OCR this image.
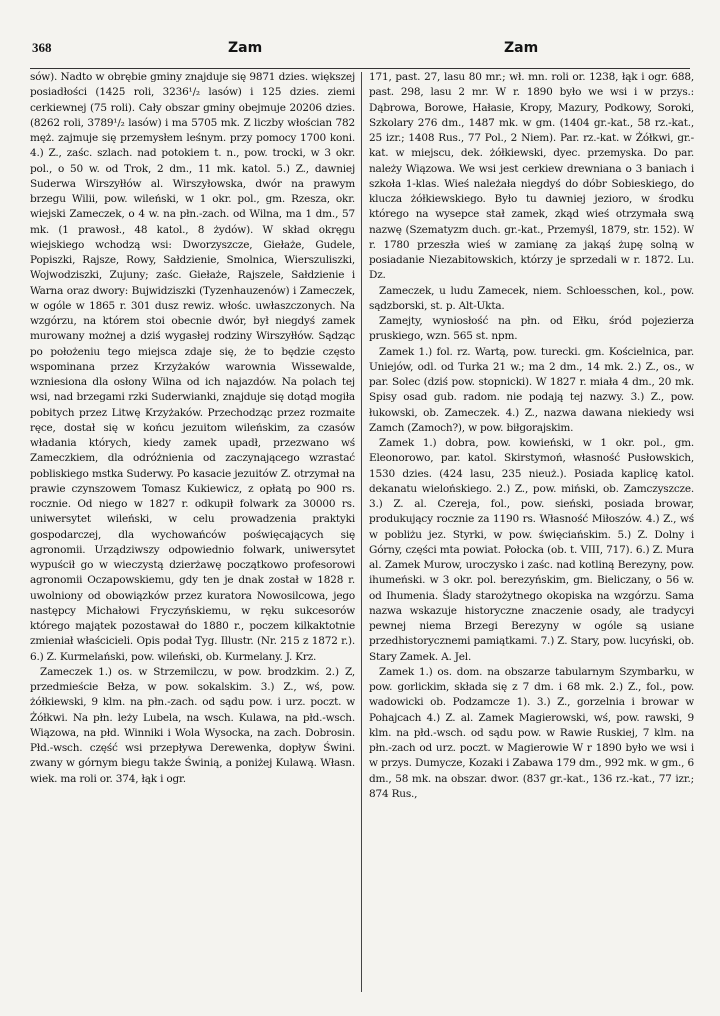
368	Zam	Zam

sów). Nadto w obrębie gminy znajduje się 9871 dzies. większej posiadłości (1425 roli, 3236¹/₂ lasów) i 125 dzies. ziemi cerkiewnej (75 roli). Cały obszar gminy obejmuje 20206 dzies. (8262 roli, 3789¹/₂ lasów) i ma 5705 mk. Z liczby włościan 782 męż. zajmuje się przemysłem leśnym. przy pomocy 1700 koni. 4.) Z., zaśc. szlach. nad potokiem t. n., pow. trocki, w 3 okr. pol., o 50 w. od Trok, 2 dm., 11 mk. katol. 5.) Z., dawniej Suderwa Wirszyłłów al. Wirszyłowska, dwór na prawym brzegu Wilii, pow. wileński, w 1 okr. pol., gm. Rzesza, okr. wiejski Zameczek, o 4 w. na płn.-zach. od Wilna, ma 1 dm., 57 mk. (1 prawosł., 48 katol., 8 żydów). W skład okręgu wiejskiego wchodzą wsi: Dworzyszcze, Giełaże, Gudele, Popiszki, Rajsze, Rowy, Sałdzienie, Smolnica, Wierszuliszki, Wojwodziszki, Zujuny; zaśc. Giełaże, Rajszele, Sałdzienie i Warna oraz dwory: Bujwidziszki (Tyzenhauzenów) i Zameczek, w ogóle w 1865 r. 301 dusz rewiz. włośc. uwłaszczonych. Na wzgórzu, na którem stoi obecnie dwór, był niegdyś zamek murowany możnej a dziś wygasłej rodziny Wirszyłłów. Sądząc po położeniu tego miejsca zdaje się, że to będzie często wspominana przez Krzyżaków warownia Wissewalde, wzniesiona dla osłony Wilna od ich najazdów. Na polach tej wsi, nad brzegami rzki Suderwianki, znajduje się dotąd mogiła pobitych przez Litwę Krzyżaków. Przechodząc przez rozmaite ręce, dostał się w końcu jezuitom wileńskim, za czasów władania których, kiedy zamek upadł, przezwano wś Zameczkiem, dla odróżnienia od zaczynającego wzrastać pobliskiego mstka Suderwy. Po kasacie jezuitów Z. otrzymał na prawie czynszowem Tomasz Kukiewicz, z opłatą po 900 rs. rocznie. Od niego w 1827 r. odkupił folwark za 30000 rs. uniwersytet wileński, w celu prowadzenia praktyki gospodarczej, dla wychowańców poświęcających się agronomii. Urządziwszy odpowiednio folwark, uniwersytet wypuścił go w wieczystą dzierżawę początkowo profesorowi agronomii Oczapowskiemu, gdy ten je dnak został w 1828 r. uwolniony od obowiązków przez kuratora Nowosilcowa, jego następcy Michałowi Fryczyńskiemu, w ręku sukcesorów którego majątek pozostawał do 1880 r., poczem kilkaktotnie zmieniał właścicieli. Opis podał Tyg. Illustr. (Nr. 215 z 1872 r.). 6.) Z. Kurmelański, pow. wileński, ob. Kurmelany. J. Krz.

Zameczek 1.) os. w Strzemilczu, w pow. brodzkim. 2.) Z, przedmieście Bełza, w pow. sokalskim. 3.) Z., wś, pow. żółkiewski, 9 klm. na płn.-zach. od sądu pow. i urz. poczt. w Żółkwi. Na płn. leży Lubela, na wsch. Kulawa, na płd.-wsch. Wiązowa, na płd. Winniki i Wola Wysocka, na zach. Dobrosin. Płd.-wsch. część wsi przepływa Derewenka, dopływ Świni. zwany w górnym biegu także Świnią, a poniżej Kulawą. Własn. wiek. ma roli or. 374, łąk i ogr.

171, past. 27, lasu 80 mr.; wł. mn. roli or. 1238, łąk i ogr. 688, past. 298, lasu 2 mr. W r. 1890 było we wsi i w przys.: Dąbrowa, Borowe, Hałasie, Kropy, Mazury, Podkowy, Soroki, Szkolary 276 dm., 1487 mk. w gm. (1404 gr.-kat., 58 rz.-kat., 25 izr.; 1408 Rus., 77 Pol., 2 Niem). Par. rz.-kat. w Żółkwi, gr.-kat. w miejscu, dek. żółkiewski, dyec. przemyska. Do par. należy Wiązowa. We wsi jest cerkiew drewniana o 3 baniach i szkoła 1-klas. Wieś należała niegdyś do dóbr Sobieskiego, do klucza żółkiewskiego. Było tu dawniej jezioro, w środku którego na wysepce stał zamek, zkąd wieś otrzymała swą nazwę (Szematyzm duch. gr.-kat., Przemyśl, 1879, str. 152). W r. 1780 przeszła wieś w zamianę za jakąś żupę solną w posiadanie Niezabitowskich, którzy je sprzedali w r. 1872. Lu. Dz.

Zameczek, u ludu Zamecek, niem. Schloesschen, kol., pow. sądzborski, st. p. Alt-Ukta.

Zamejty, wyniosłość na płn. od Ełku, śród pojezierza pruskiego, wzn. 565 st. npm.

Zamek 1.) fol. rz. Wartą, pow. turecki. gm. Kościelnica, par. Uniejów, odl. od Turka 21 w.; ma 2 dm., 14 mk. 2.) Z., os., w par. Solec (dziś pow. stopnicki). W 1827 r. miała 4 dm., 20 mk. Spisy osad gub. radom. nie podają tej nazwy. 3.) Z., pow. łukowski, ob. Zameczek. 4.) Z., nazwa dawana niekiedy wsi Zamch (Zamoch?), w pow. biłgorajskim.

Zamek 1.) dobra, pow. kowieński, w 1 okr. pol., gm. Eleonorowo, par. katol. Skirstymoń, własność Pusłowskich, 1530 dzies. (424 lasu, 235 nieuż.). Posiada kaplicę katol. dekanatu wielońskiego. 2.) Z., pow. miński, ob. Zamczyszcze. 3.) Z. al. Czereja, fol., pow. sieński, posiada browar, produkujący rocznie za 1190 rs. Własność Miłoszów. 4.) Z., wś w pobliżu jez. Styrki, w pow. święciańskim. 5.) Z. Dolny i Górny, części mta powiat. Połocka (ob. t. VIII, 717). 6.) Z. Mura al. Zamek Murow, uroczysko i zaśc. nad kotliną Berezyny, pow. ihumeński. w 3 okr. pol. berezyńskim, gm. Bieliczany, o 56 w. od Ihumenia. Ślady starożytnego okopiska na wzgórzu. Sama nazwa wskazuje historyczne znaczenie osady, ale tradycyi pewnej niema Brzegi Berezyny w ogóle są usiane przedhistorycznemi pamiątkami. 7.) Z. Stary, pow. lucyński, ob. Stary Zamek. A. Jel.

Zamek 1.) os. dom. na obszarze tabularnym Szymbarku, w pow. gorlickim, składa się z 7 dm. i 68 mk. 2.) Z., fol., pow. wadowicki ob. Podzamcze 1). 3.) Z., gorzelnia i browar w Pohajcach 4.) Z. al. Zamek Magierowski, wś, pow. rawski, 9 klm. na płd.-wsch. od sądu pow. w Rawie Ruskiej, 7 klm. na płn.-zach od urz. poczt. w Magierowie W r 1890 było we wsi i w przys. Dumycze, Kozaki i Zabawa 179 dm., 992 mk. w gm., 6 dm., 58 mk. na obszar. dwor. (837 gr.-kat., 136 rz.-kat., 77 izr.; 874 Rus.,
